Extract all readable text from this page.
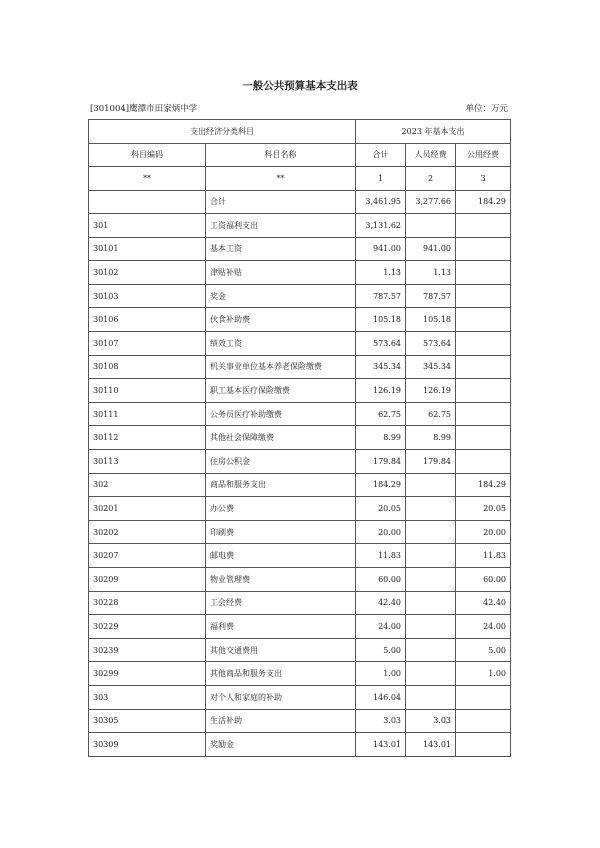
一般公共预算基本支出表
[301004]鹰潭市田家炳中学	单位：万元
支出经济分类科目		2023 年基本支出		
科目编码	科目名称	合计	人员经费	公用经费
**	**	1	2	3
	合计	3,461.95	3,277.66	184.29
301	工资福利支出	3,131.62		
30101	基本工资	941.00	941.00	
30102	津贴补贴	1.13	1.13	
30103	奖金	787.57	787.57	
30106	伙食补助费	105.18	105.18	
30107	绩效工资	573.64	573.64	
30108	机关事业单位基本养老保险缴费	345.34	345.34	
30110	职工基本医疗保险缴费	126.19	126.19	
30111	公务员医疗补助缴费	62.75	62.75	
30112	其他社会保障缴费	8.99	8.99	
30113	住房公积金	179.84	179.84	
302	商品和服务支出	184.29		184.29
30201	办公费	20.05		20.05
30202	印刷费	20.00		20.00
30207	邮电费	11.83		11.83
30209	物业管理费	60.00		60.00
30228	工会经费	42.40		42.40
30229	福利费	24.00		24.00
30239	其他交通费用	5.00		5.00
30299	其他商品和服务支出	1.00		1.00
303	对个人和家庭的补助	146.04		
30305	生活补助	3.03	3.03	
30309	奖励金	143.01	143.01	
